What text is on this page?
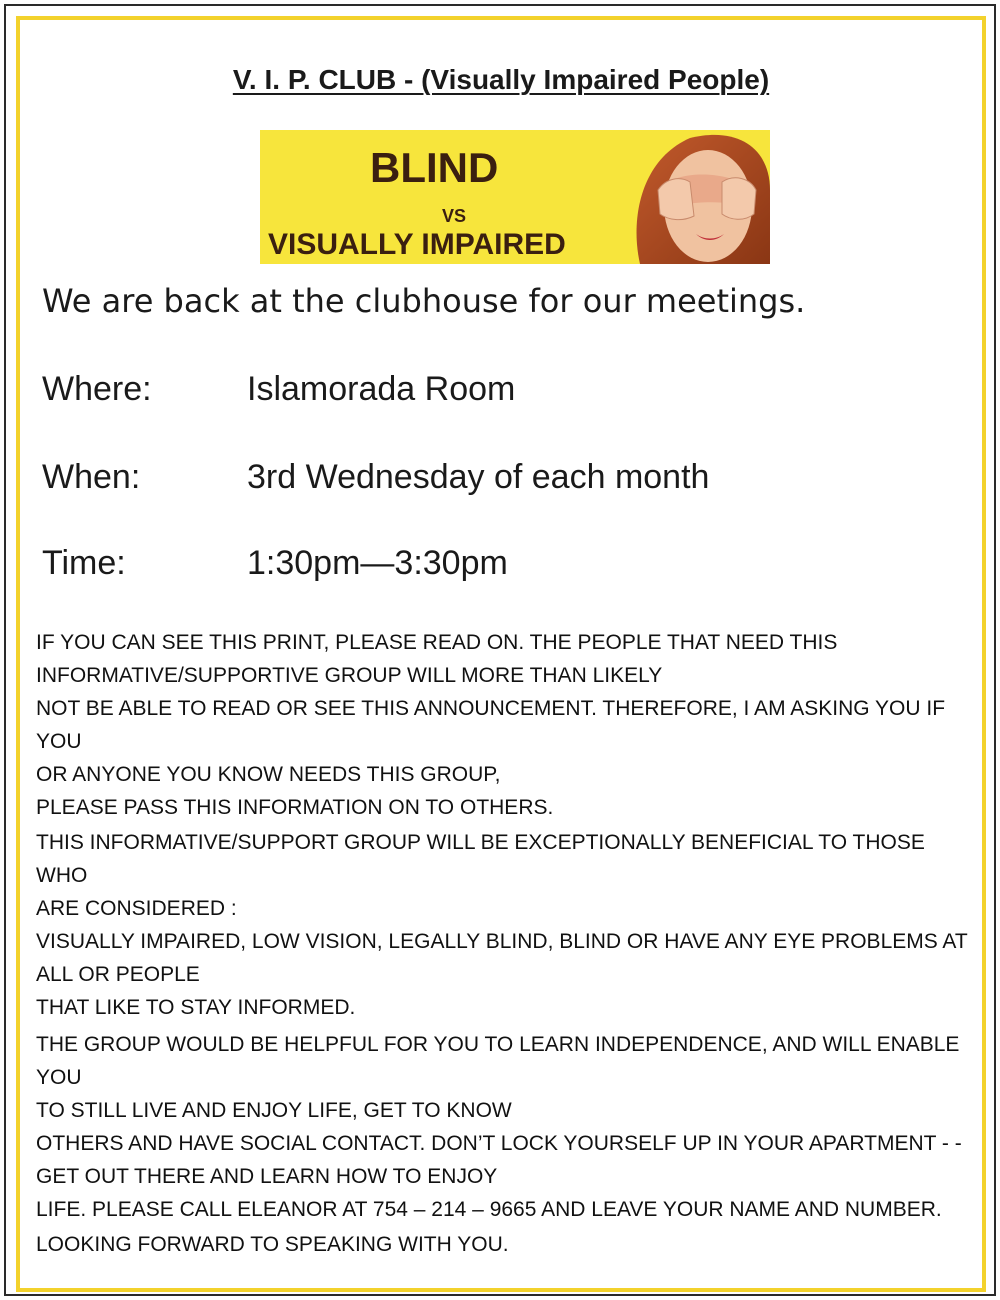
V. I. P. CLUB - (Visually Impaired People)
BLIND
VS
VISUALLY IMPAIRED
We are back at the clubhouse for our meetings.
Where:	Islamorada Room
When:	3rd Wednesday of each month
Time:	1:30pm—3:30pm
IF YOU CAN SEE THIS PRINT, PLEASE READ ON. THE PEOPLE THAT NEED THIS
INFORMATIVE/SUPPORTIVE GROUP WILL MORE THAN LIKELY
NOT BE ABLE TO READ OR SEE THIS ANNOUNCEMENT. THEREFORE, I AM ASKING YOU IF YOU
OR ANYONE YOU KNOW NEEDS THIS GROUP,
PLEASE PASS THIS INFORMATION ON TO OTHERS.
THIS INFORMATIVE/SUPPORT GROUP WILL BE EXCEPTIONALLY BENEFICIAL TO THOSE WHO
ARE CONSIDERED :
VISUALLY IMPAIRED, LOW VISION, LEGALLY BLIND, BLIND OR HAVE ANY EYE PROBLEMS AT
ALL OR PEOPLE
THAT LIKE TO STAY INFORMED.
THE GROUP WOULD BE HELPFUL FOR YOU TO LEARN INDEPENDENCE, AND WILL ENABLE YOU
TO STILL LIVE AND ENJOY LIFE, GET TO KNOW
OTHERS AND HAVE SOCIAL CONTACT. DON’T LOCK YOURSELF UP IN YOUR APARTMENT - -
GET OUT THERE AND LEARN HOW TO ENJOY
LIFE. PLEASE CALL ELEANOR AT 754 – 214 – 9665 AND LEAVE YOUR NAME AND NUMBER.
LOOKING FORWARD TO SPEAKING WITH YOU.
